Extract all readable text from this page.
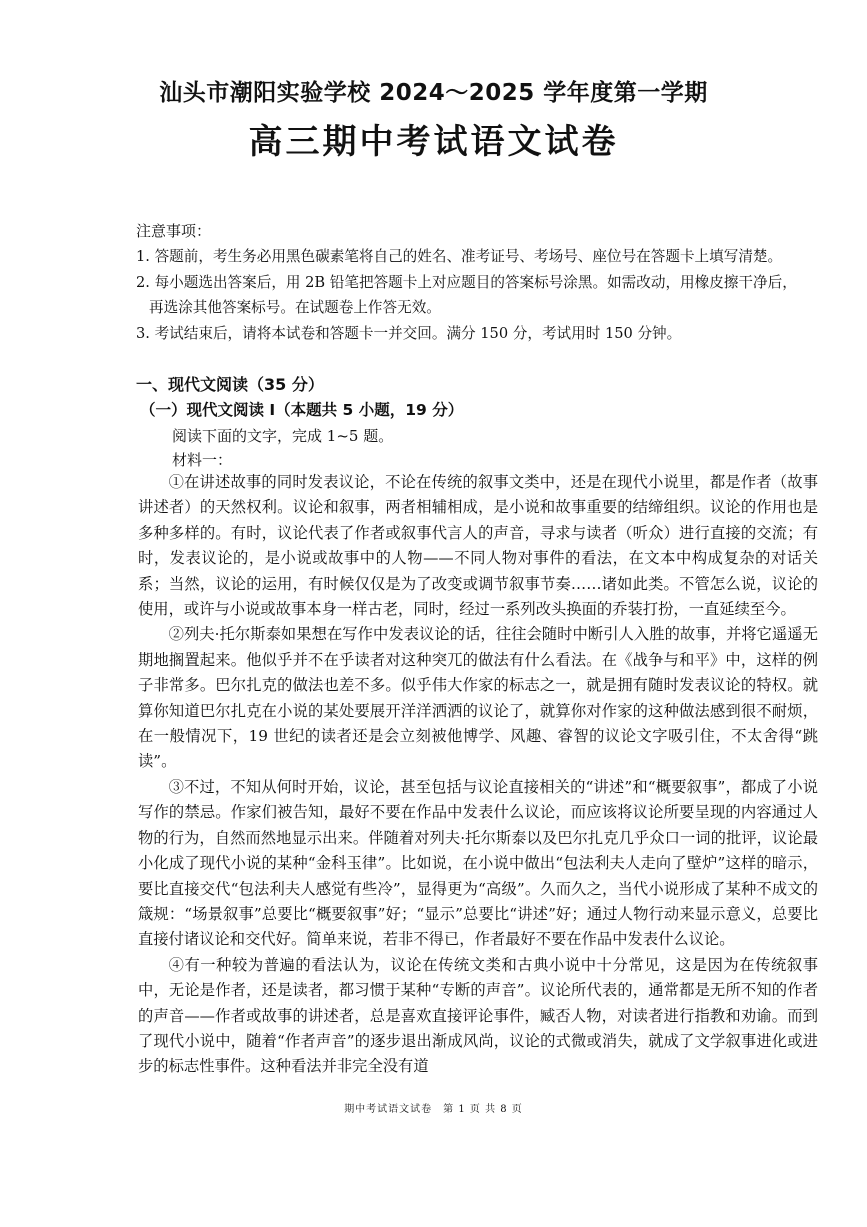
汕头市潮阳实验学校 2024～2025 学年度第一学期
高三期中考试语文试卷
注意事项：

1. 答题前，考生务必用黑色碳素笔将自己的姓名、准考证号、考场号、座位号在答题卡上填写清楚。

2. 每小题选出答案后，用 2B 铅笔把答题卡上对应题目的答案标号涂黑。如需改动，用橡皮擦干净后，

再选涂其他答案标号。在试题卷上作答无效。

3. 考试结束后，请将本试卷和答题卡一并交回。满分 150 分，考试用时 150 分钟。

一、现代文阅读（35 分）
（一）现代文阅读 Ⅰ（本题共 5 小题，19 分）

阅读下面的文字，完成 1~5 题。

材料一：

①在讲述故事的同时发表议论，不论在传统的叙事文类中，还是在现代小说里，都是作者（故事讲述者）的天然权利。议论和叙事，两者相辅相成，是小说和故事重要的结缔组织。议论的作用也是多种多样的。有时，议论代表了作者或叙事代言人的声音，寻求与读者（听众）进行直接的交流；有时，发表议论的，是小说或故事中的人物——不同人物对事件的看法，在文本中构成复杂的对话关系；当然，议论的运用，有时候仅仅是为了改变或调节叙事节奏……诸如此类。不管怎么说，议论的使用，或许与小说或故事本身一样古老，同时，经过一系列改头换面的乔装打扮，一直延续至今。

②列夫·托尔斯泰如果想在写作中发表议论的话，往往会随时中断引人入胜的故事，并将它遥遥无期地搁置起来。他似乎并不在乎读者对这种突兀的做法有什么看法。在《战争与和平》中，这样的例子非常多。巴尔扎克的做法也差不多。似乎伟大作家的标志之一，就是拥有随时发表议论的特权。就算你知道巴尔扎克在小说的某处要展开洋洋洒洒的议论了，就算你对作家的这种做法感到很不耐烦，在一般情况下，19 世纪的读者还是会立刻被他博学、风趣、睿智的议论文字吸引住，不太舍得“跳读”。

③不过，不知从何时开始，议论，甚至包括与议论直接相关的“讲述”和“概要叙事”，都成了小说写作的禁忌。作家们被告知，最好不要在作品中发表什么议论，而应该将议论所要呈现的内容通过人物的行为，自然而然地显示出来。伴随着对列夫·托尔斯泰以及巴尔扎克几乎众口一词的批评，议论最小化成了现代小说的某种“金科玉律”。比如说，在小说中做出“包法利夫人走向了壁炉”这样的暗示，要比直接交代“包法利夫人感觉有些冷”，显得更为“高级”。久而久之，当代小说形成了某种不成文的箴规：“场景叙事”总要比“概要叙事”好；“显示”总要比“讲述”好；通过人物行动来显示意义，总要比直接付诸议论和交代好。简单来说，若非不得已，作者最好不要在作品中发表什么议论。

④有一种较为普遍的看法认为，议论在传统文类和古典小说中十分常见，这是因为在传统叙事中，无论是作者，还是读者，都习惯于某种“专断的声音”。议论所代表的，通常都是无所不知的作者的声音——作者或故事的讲述者，总是喜欢直接评论事件，臧否人物，对读者进行指教和劝谕。而到了现代小说中，随着“作者声音”的逐步退出渐成风尚，议论的式微或消失，就成了文学叙事进化或进步的标志性事件。这种看法并非完全没有道

期中考试语文试卷　第 1 页 共 8 页
